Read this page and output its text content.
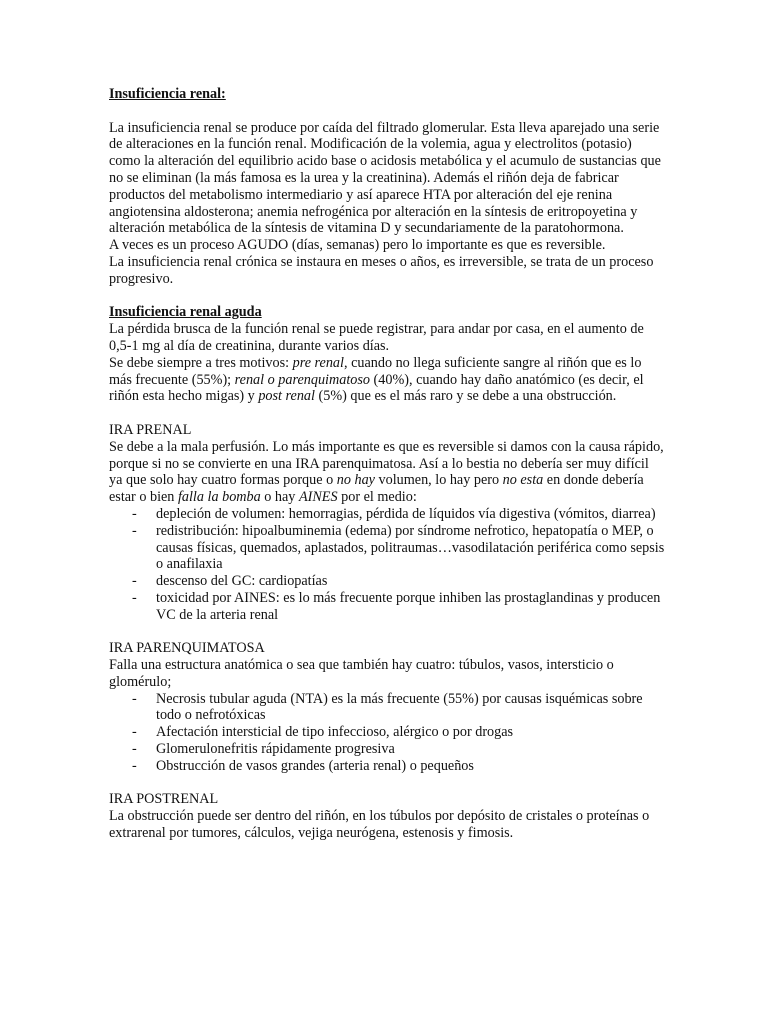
Insuficiencia renal:

La insuficiencia renal se produce por caída del filtrado glomerular. Esta lleva aparejado una serie de alteraciones en la función renal. Modificación de la volemia, agua y electrolitos (potasio) como la alteración del equilibrio acido base o acidosis metabólica y el acumulo de sustancias que no se eliminan (la más famosa es la urea y la creatinina). Además el riñón deja de fabricar productos del metabolismo intermediario y así aparece HTA por alteración del eje renina angiotensina aldosterona; anemia nefrogénica por alteración en la síntesis de eritropoyetina y alteración metabólica de la síntesis de vitamina D y secundariamente de la paratohormona.

A veces es un proceso AGUDO (días, semanas) pero lo importante es que es reversible.

La insuficiencia renal crónica se instaura en meses o años, es irreversible, se trata de un proceso progresivo.

Insuficiencia renal aguda

La pérdida brusca de la función renal se puede registrar, para andar por casa, en el aumento de 0,5-1 mg al día de creatinina, durante varios días.

Se debe siempre a tres motivos: pre renal, cuando no llega suficiente sangre al riñón que es lo más frecuente (55%); renal o parenquimatoso (40%), cuando hay daño anatómico (es decir, el riñón esta hecho migas) y post renal (5%) que es el más raro y se debe a una obstrucción.

IRA PRENAL

Se debe a la mala perfusión. Lo más importante es que es reversible si damos con la causa rápido, porque si no se convierte en una IRA parenquimatosa. Así a lo bestia no debería ser muy difícil ya que solo hay cuatro formas porque o no hay volumen, lo hay pero no esta en donde debería estar o bien falla la bomba o hay AINES por el medio:

- depleción de volumen: hemorragias, pérdida de líquidos vía digestiva (vómitos, diarrea)
- redistribución: hipoalbuminemia (edema) por síndrome nefrotico, hepatopatía o MEP, o causas físicas, quemados, aplastados, politraumas…vasodilatación periférica como sepsis o anafilaxia
- descenso del GC: cardiopatías
- toxicidad por AINES: es lo más frecuente porque inhiben las prostaglandinas y producen VC de la arteria renal

IRA PARENQUIMATOSA

Falla una estructura anatómica o sea que también hay cuatro: túbulos, vasos, intersticio o glomérulo;

- Necrosis tubular aguda (NTA) es la más frecuente (55%) por causas isquémicas sobre todo o nefrotóxicas
- Afectación intersticial de tipo infeccioso, alérgico o por drogas
- Glomerulonefritis rápidamente progresiva
- Obstrucción de vasos grandes (arteria renal) o pequeños

IRA POSTRENAL

La obstrucción puede ser dentro del riñón, en los túbulos por depósito de cristales o proteínas o extrarenal por tumores, cálculos, vejiga neurógena, estenosis y fimosis.
